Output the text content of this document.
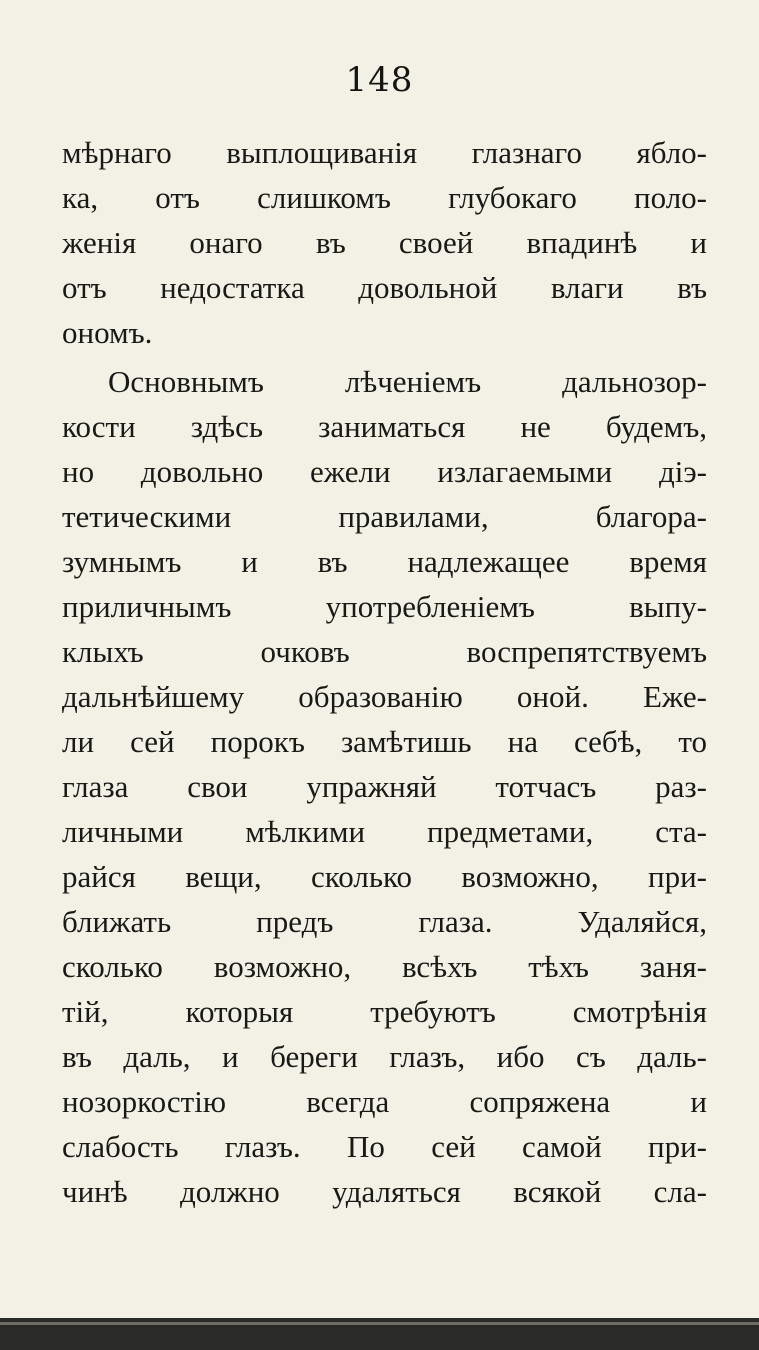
148
мѣрнаго выплощиванія глазнаго ябло-
ка, отъ слишкомъ глубокаго поло-
женія онаго въ своей впадинѣ и
отъ недостатка довольной влаги въ
ономъ.
Основнымъ лѣченіемъ дальнозор-
кости здѣсь заниматься не будемъ,
но довольно ежели излагаемыми діэ-
тетическими правилами, благора-
зумнымъ и въ надлежащее время
приличнымъ употребленіемъ выпу-
клыхъ очковъ воспрепятствуемъ
дальнѣйшему образованію оной. Еже-
ли сей порокъ замѣтишь на себѣ, то
глаза свои упражняй тотчасъ раз-
личными мѣлкими предметами, ста-
райся вещи, сколько возможно, при-
ближать предъ глаза. Удаляйся,
сколько возможно, всѣхъ тѣхъ заня-
тій, которыя требуютъ смотрѣнія
въ даль, и береги глазъ, ибо съ даль-
нозоркостію всегда сопряжена и
слабость глазъ. По сей самой при-
чинѣ должно удаляться всякой сла-
